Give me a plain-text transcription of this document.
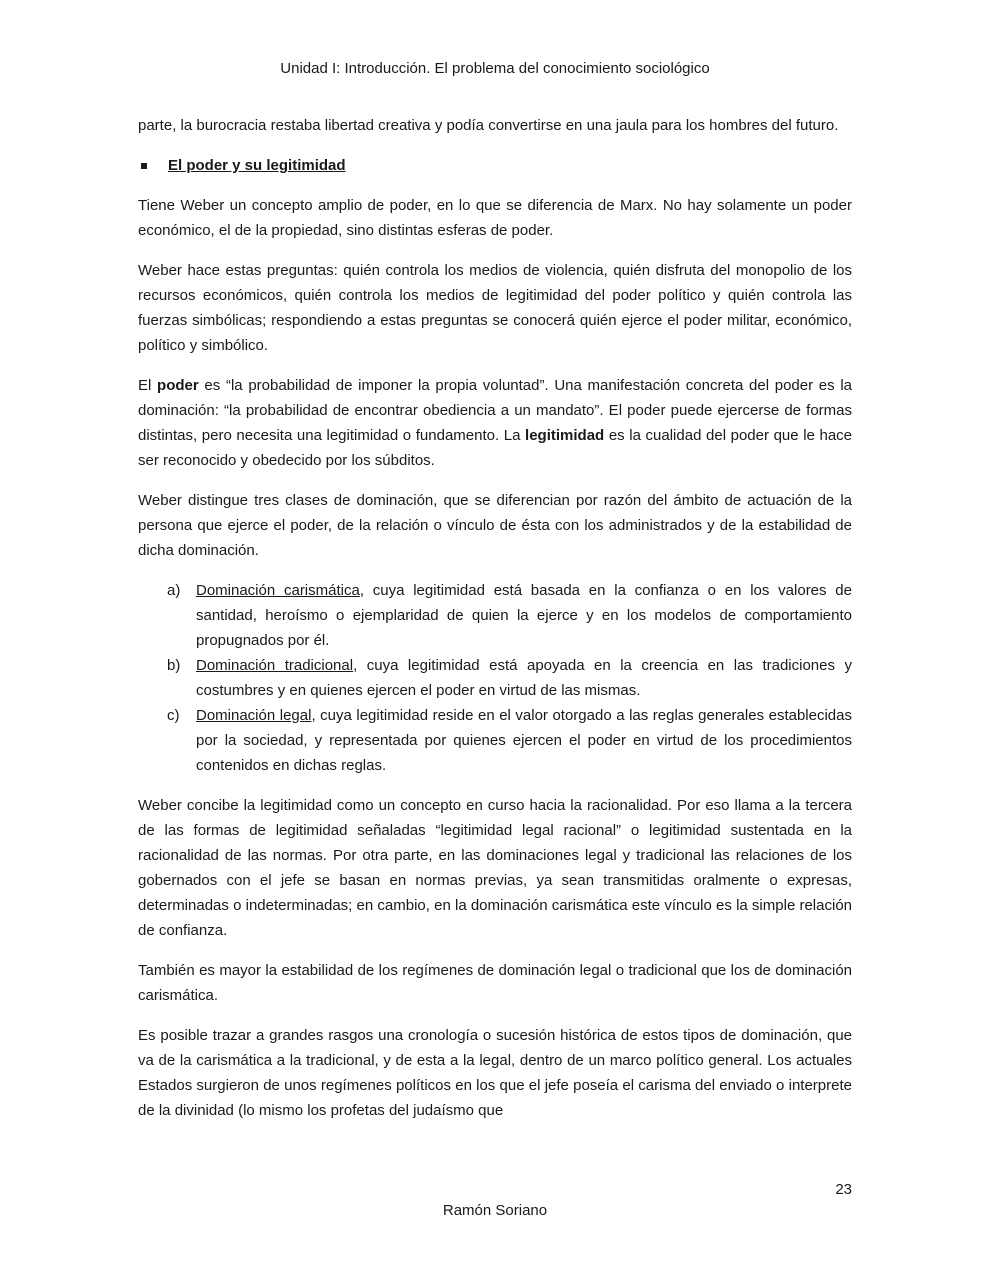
Unidad I: Introducción. El problema del conocimiento sociológico

parte, la burocracia restaba libertad creativa y podía convertirse en una jaula para los hombres del futuro.

El poder y su legitimidad

Tiene Weber un concepto amplio de poder, en lo que se diferencia de Marx. No hay solamente un poder económico, el de la propiedad, sino distintas esferas de poder.

Weber hace estas preguntas: quién controla los medios de violencia, quién disfruta del monopolio de los recursos económicos, quién controla los medios de legitimidad del poder político y quién controla las fuerzas simbólicas; respondiendo a estas preguntas se conocerá quién ejerce el poder militar, económico, político y simbólico.

El poder es “la probabilidad de imponer la propia voluntad”. Una manifestación concreta del poder es la dominación: “la probabilidad de encontrar obediencia a un mandato”. El poder puede ejercerse de formas distintas, pero necesita una legitimidad o fundamento. La legitimidad es la cualidad del poder que le hace ser reconocido y obedecido por los súbditos.

Weber distingue tres clases de dominación, que se diferencian por razón del ámbito de actuación de la persona que ejerce el poder, de la relación o vínculo de ésta con los administrados y de la estabilidad de dicha dominación.

a)	Dominación carismática, cuya legitimidad está basada en la confianza o en los valores de santidad, heroísmo o ejemplaridad de quien la ejerce y en los modelos de comportamiento propugnados por él.
b)	Dominación tradicional, cuya legitimidad está apoyada en la creencia en las tradiciones y costumbres y en quienes ejercen el poder en virtud de las mismas.
c)	Dominación legal, cuya legitimidad reside en el valor otorgado a las reglas generales establecidas por la sociedad, y representada por quienes ejercen el poder en virtud de los procedimientos contenidos en dichas reglas.

Weber concibe la legitimidad como un concepto en curso hacia la racionalidad. Por eso llama a la tercera de las formas de legitimidad señaladas “legitimidad legal racional” o legitimidad sustentada en la racionalidad de las normas. Por otra parte, en las dominaciones legal y tradicional las relaciones de los gobernados con el jefe se basan en normas previas, ya sean transmitidas oralmente o expresas, determinadas o indeterminadas; en cambio, en la dominación carismática este vínculo es la simple relación de confianza.

También es mayor la estabilidad de los regímenes de dominación legal o tradicional que los de dominación carismática.

Es posible trazar a grandes rasgos una cronología o sucesión histórica de estos tipos de dominación, que va de la carismática a la tradicional, y de esta a la legal, dentro de un marco político general. Los actuales Estados surgieron de unos regímenes políticos en los que el jefe poseía el carisma del enviado o interprete de la divinidad (lo mismo los profetas del judaísmo que

23
Ramón Soriano
